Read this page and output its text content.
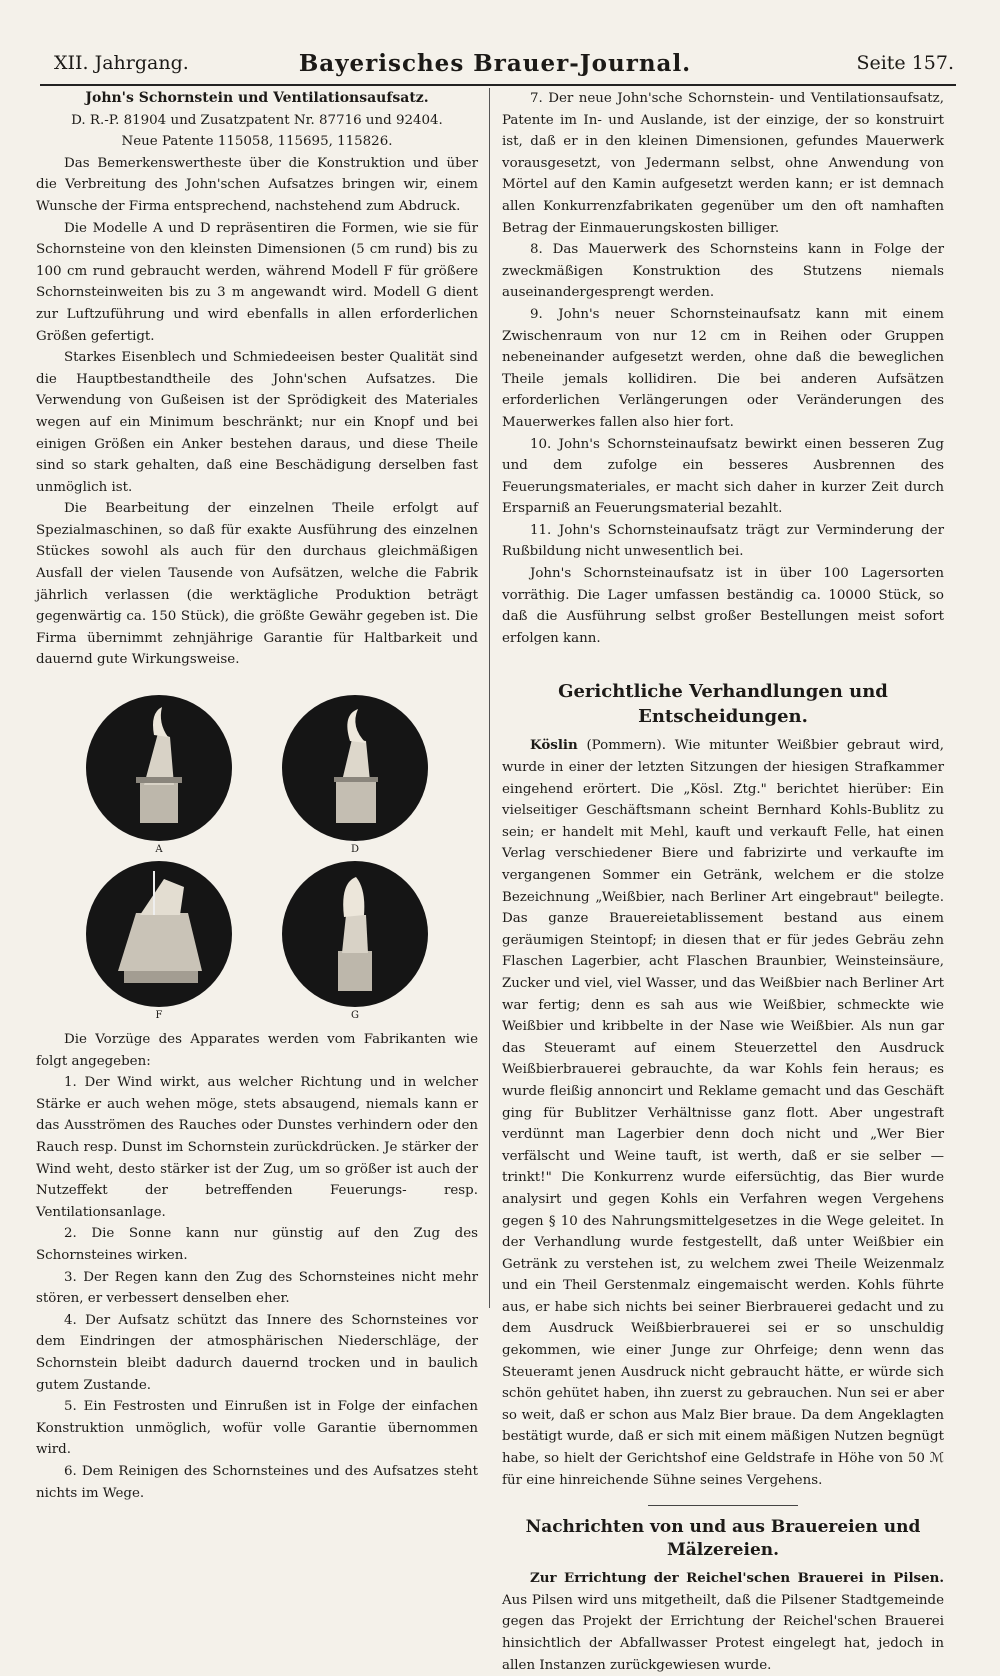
XII. Jahrgang.	Bayerisches Brauer-Journal.	Seite 157.

John's Schornstein und Ventilationsaufsatz.

D. R.-P. 81904 und Zusatzpatent Nr. 87716 und 92404.

Neue Patente 115058, 115695, 115826.

Das Bemerkenswertheste über die Konstruktion und über die Verbreitung des John'schen Aufsatzes bringen wir, einem Wunsche der Firma entsprechend, nachstehend zum Abdruck.

Die Modelle A und D repräsentiren die Formen, wie sie für Schornsteine von den kleinsten Dimensionen (5 cm rund) bis zu 100 cm rund gebraucht werden, während Modell F für größere Schornsteinweiten bis zu 3 m angewandt wird. Modell G dient zur Luftzuführung und wird ebenfalls in allen erforderlichen Größen gefertigt.

Starkes Eisenblech und Schmiedeeisen bester Qualität sind die Hauptbestandtheile des John'schen Aufsatzes. Die Verwendung von Gußeisen ist der Sprödigkeit des Materiales wegen auf ein Minimum beschränkt; nur ein Knopf und bei einigen Größen ein Anker bestehen daraus, und diese Theile sind so stark gehalten, daß eine Beschädigung derselben fast unmöglich ist.

Die Bearbeitung der einzelnen Theile erfolgt auf Spezialmaschinen, so daß für exakte Ausführung des einzelnen Stückes sowohl als auch für den durchaus gleichmäßigen Ausfall der vielen Tausende von Aufsätzen, welche die Fabrik jährlich verlassen (die werktägliche Produktion beträgt gegenwärtig ca. 150 Stück), die größte Gewähr gegeben ist. Die Firma übernimmt zehnjährige Garantie für Haltbarkeit und dauernd gute Wirkungsweise.

A	D
F	G

Die Vorzüge des Apparates werden vom Fabrikanten wie folgt angegeben:

1. Der Wind wirkt, aus welcher Richtung und in welcher Stärke er auch wehen möge, stets absaugend, niemals kann er das Ausströmen des Rauches oder Dunstes verhindern oder den Rauch resp. Dunst im Schornstein zurückdrücken. Je stärker der Wind weht, desto stärker ist der Zug, um so größer ist auch der Nutzeffekt der betreffenden Feuerungs- resp. Ventilationsanlage.

2. Die Sonne kann nur günstig auf den Zug des Schornsteines wirken.

3. Der Regen kann den Zug des Schornsteines nicht mehr stören, er verbessert denselben eher.

4. Der Aufsatz schützt das Innere des Schornsteines vor dem Eindringen der atmosphärischen Niederschläge, der Schornstein bleibt dadurch dauernd trocken und in baulich gutem Zustande.

5. Ein Festrosten und Einrußen ist in Folge der einfachen Konstruktion unmöglich, wofür volle Garantie übernommen wird.

6. Dem Reinigen des Schornsteines und des Aufsatzes steht nichts im Wege.

7. Der neue John'sche Schornstein- und Ventilationsaufsatz, Patente im In- und Auslande, ist der einzige, der so konstruirt ist, daß er in den kleinen Dimensionen, gefundes Mauerwerk vorausgesetzt, von Jedermann selbst, ohne Anwendung von Mörtel auf den Kamin aufgesetzt werden kann; er ist demnach allen Konkurrenzfabrikaten gegenüber um den oft namhaften Betrag der Einmauerungskosten billiger.

8. Das Mauerwerk des Schornsteins kann in Folge der zweckmäßigen Konstruktion des Stutzens niemals auseinandergesprengt werden.

9. John's neuer Schornsteinaufsatz kann mit einem Zwischenraum von nur 12 cm in Reihen oder Gruppen nebeneinander aufgesetzt werden, ohne daß die beweglichen Theile jemals kollidiren. Die bei anderen Aufsätzen erforderlichen Verlängerungen oder Veränderungen des Mauerwerkes fallen also hier fort.

10. John's Schornsteinaufsatz bewirkt einen besseren Zug und dem zufolge ein besseres Ausbrennen des Feuerungsmateriales, er macht sich daher in kurzer Zeit durch Ersparniß an Feuerungsmaterial bezahlt.

11. John's Schornsteinaufsatz trägt zur Verminderung der Rußbildung nicht unwesentlich bei.

John's Schornsteinaufsatz ist in über 100 Lagersorten vorräthig. Die Lager umfassen beständig ca. 10000 Stück, so daß die Ausführung selbst großer Bestellungen meist sofort erfolgen kann.

Gerichtliche Verhandlungen und Entscheidungen.

Köslin (Pommern). Wie mitunter Weißbier gebraut wird, wurde in einer der letzten Sitzungen der hiesigen Strafkammer eingehend erörtert. Die „Kösl. Ztg." berichtet hierüber: Ein vielseitiger Geschäftsmann scheint Bernhard Kohls-Bublitz zu sein; er handelt mit Mehl, kauft und verkauft Felle, hat einen Verlag verschiedener Biere und fabrizirte und verkaufte im vergangenen Sommer ein Getränk, welchem er die stolze Bezeichnung „Weißbier, nach Berliner Art eingebraut" beilegte. Das ganze Brauereietablissement bestand aus einem geräumigen Steintopf; in diesen that er für jedes Gebräu zehn Flaschen Lagerbier, acht Flaschen Braunbier, Weinsteinsäure, Zucker und viel, viel Wasser, und das Weißbier nach Berliner Art war fertig; denn es sah aus wie Weißbier, schmeckte wie Weißbier und kribbelte in der Nase wie Weißbier. Als nun gar das Steueramt auf einem Steuerzettel den Ausdruck Weißbierbrauerei gebrauchte, da war Kohls fein heraus; es wurde fleißig annoncirt und Reklame gemacht und das Geschäft ging für Bublitzer Verhältnisse ganz flott. Aber ungestraft verdünnt man Lagerbier denn doch nicht und „Wer Bier verfälscht und Weine tauft, ist werth, daß er sie selber — trinkt!" Die Konkurrenz wurde eifersüchtig, das Bier wurde analysirt und gegen Kohls ein Verfahren wegen Vergehens gegen § 10 des Nahrungsmittelgesetzes in die Wege geleitet. In der Verhandlung wurde festgestellt, daß unter Weißbier ein Getränk zu verstehen ist, zu welchem zwei Theile Weizenmalz und ein Theil Gerstenmalz eingemaischt werden. Kohls führte aus, er habe sich nichts bei seiner Bierbrauerei gedacht und zu dem Ausdruck Weißbierbrauerei sei er so unschuldig gekommen, wie einer Junge zur Ohrfeige; denn wenn das Steueramt jenen Ausdruck nicht gebraucht hätte, er würde sich schön gehütet haben, ihn zuerst zu gebrauchen. Nun sei er aber so weit, daß er schon aus Malz Bier braue. Da dem Angeklagten bestätigt wurde, daß er sich mit einem mäßigen Nutzen begnügt habe, so hielt der Gerichtshof eine Geldstrafe in Höhe von 50 ℳ für eine hinreichende Sühne seines Vergehens.

Nachrichten von und aus Brauereien und Mälzereien.

Zur Errichtung der Reichel'schen Brauerei in Pilsen. Aus Pilsen wird uns mitgetheilt, daß die Pilsener Stadtgemeinde gegen das Projekt der Errichtung der Reichel'schen Brauerei hinsichtlich der Abfallwasser Protest eingelegt hat, jedoch in allen Instanzen zurückgewiesen wurde.
